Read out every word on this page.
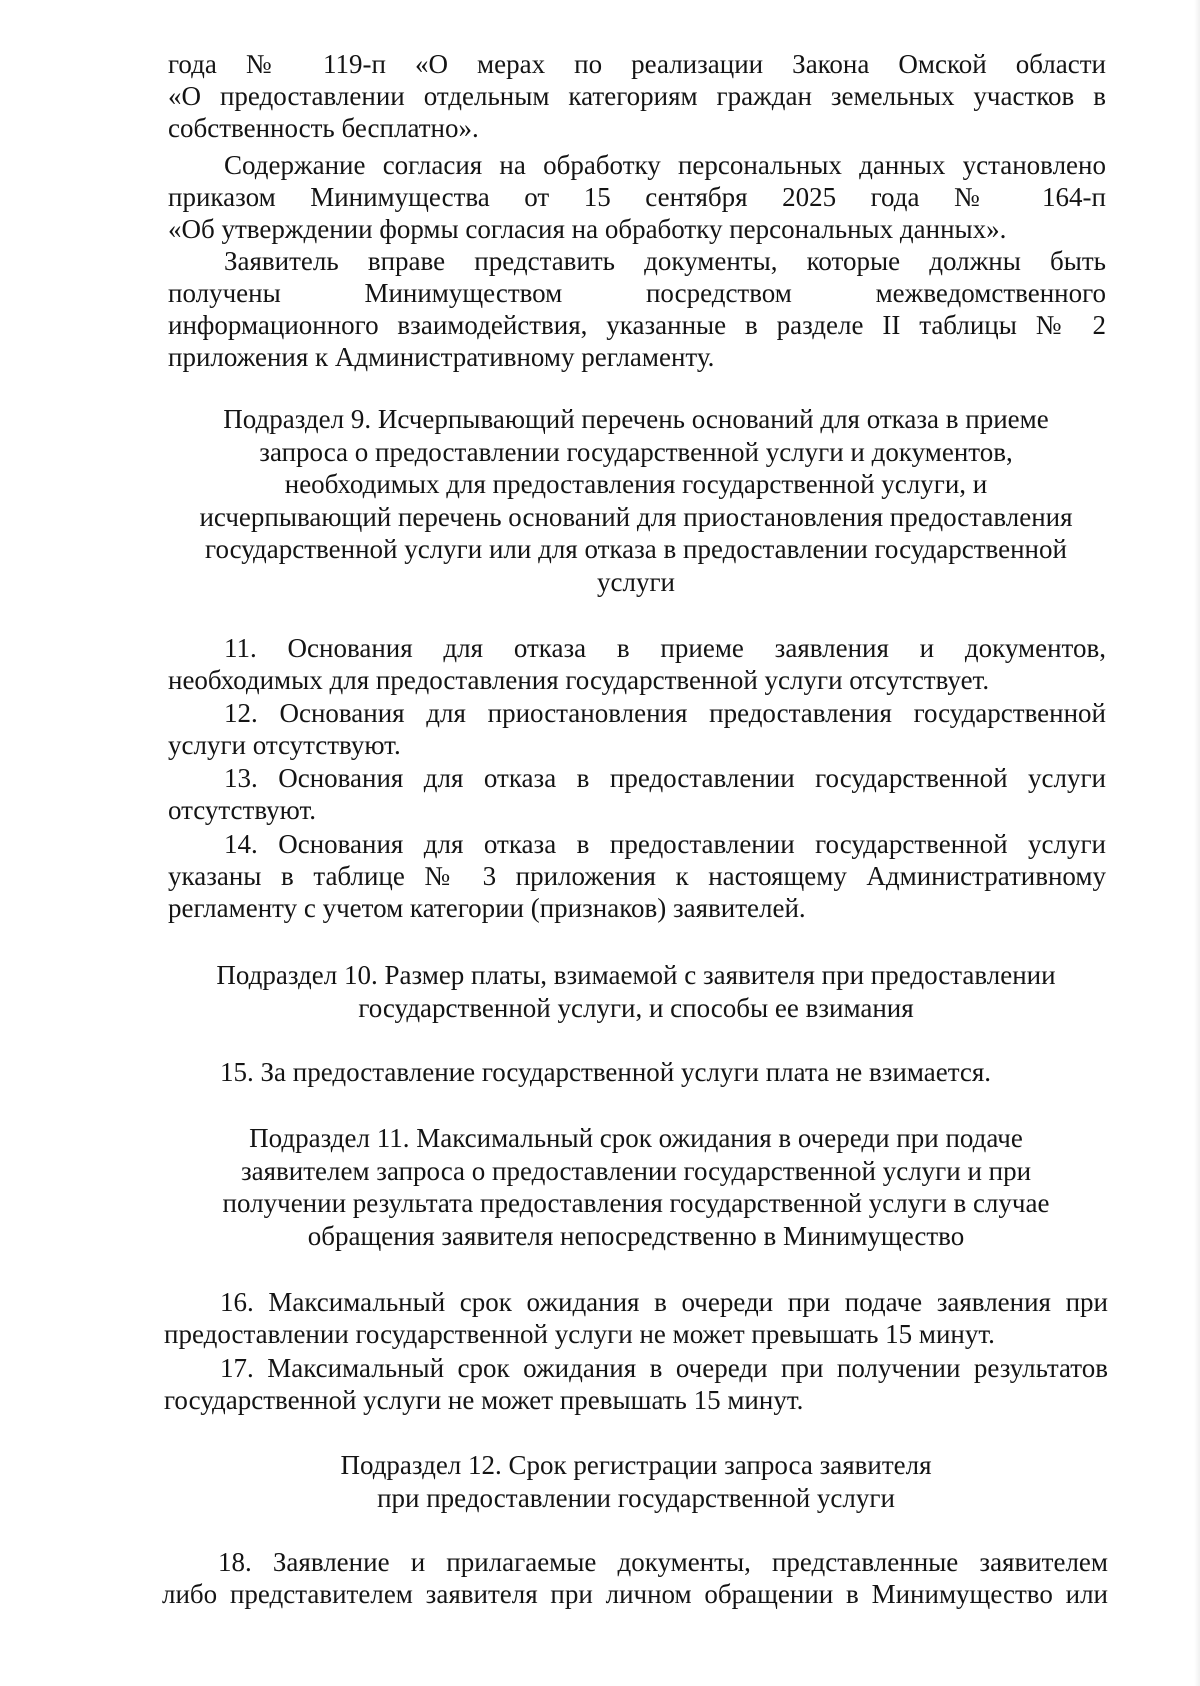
года № 119-п «О мерах по реализации Закона Омской области
«О предоставлении отдельным категориям граждан земельных участков в
собственность бесплатно».

Содержание согласия на обработку персональных данных установлено
приказом Минимущества от 15 сентября 2025 года № 164-п
«Об утверждении формы согласия на обработку персональных данных».

Заявитель вправе представить документы, которые должны быть
получены Минимуществом посредством межведомственного
информационного взаимодействия, указанные в разделе II таблицы № 2
приложения к Административному регламенту.

Подраздел 9. Исчерпывающий перечень оснований для отказа в приеме
запроса о предоставлении государственной услуги и документов,
необходимых для предоставления государственной услуги, и
исчерпывающий перечень оснований для приостановления предоставления
государственной услуги или для отказа в предоставлении государственной
услуги

11. Основания для отказа в приеме заявления и документов,
необходимых для предоставления государственной услуги отсутствует.

12. Основания для приостановления предоставления государственной
услуги отсутствуют.

13. Основания для отказа в предоставлении государственной услуги
отсутствуют.

14. Основания для отказа в предоставлении государственной услуги
указаны в таблице № 3 приложения к настоящему Административному
регламенту с учетом категории (признаков) заявителей.

Подраздел 10. Размер платы, взимаемой с заявителя при предоставлении
государственной услуги, и способы ее взимания

15. За предоставление государственной услуги плата не взимается.

Подраздел 11. Максимальный срок ожидания в очереди при подаче
заявителем запроса о предоставлении государственной услуги и при
получении результата предоставления государственной услуги в случае
обращения заявителя непосредственно в Минимущество

16. Максимальный срок ожидания в очереди при подаче заявления при
предоставлении государственной услуги не может превышать 15 минут.

17. Максимальный срок ожидания в очереди при получении результатов
государственной услуги не может превышать 15 минут.

Подраздел 12. Срок регистрации запроса заявителя
при предоставлении государственной услуги

18. Заявление и прилагаемые документы, представленные заявителем
либо представителем заявителя при личном обращении в Минимущество или
